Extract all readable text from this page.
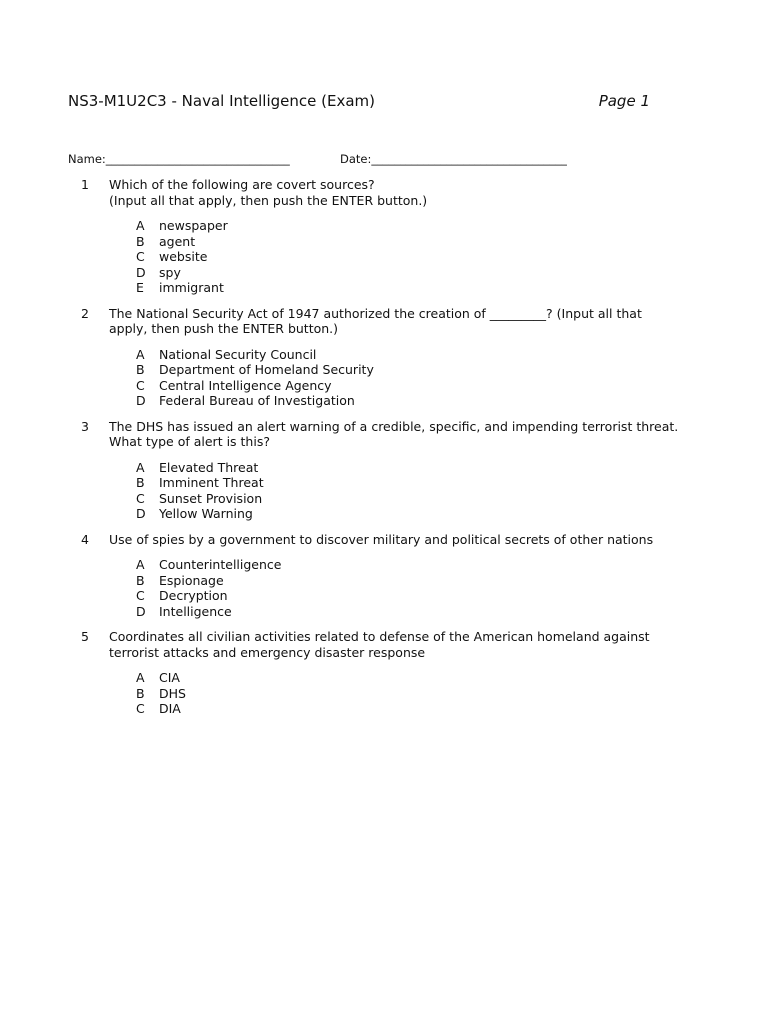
NS3-M1U2C3 - Naval Intelligence (Exam)	Page 1
Name:________________________________	Date:__________________________________
1 Which of the following are covert sources?
(Input all that apply, then push the ENTER button.)
A newspaper
B agent
C website
D spy
E immigrant
2 The National Security Act of 1947 authorized the creation of _________? (Input all that apply, then push the ENTER button.)
A National Security Council
B Department of Homeland Security
C Central Intelligence Agency
D Federal Bureau of Investigation
3 The DHS has issued an alert warning of a credible, specific, and impending terrorist threat. What type of alert is this?
A Elevated Threat
B Imminent Threat
C Sunset Provision
D Yellow Warning
4 Use of spies by a government to discover military and political secrets of other nations
A Counterintelligence
B Espionage
C Decryption
D Intelligence
5 Coordinates all civilian activities related to defense of the American homeland against terrorist attacks and emergency disaster response
A CIA
B DHS
C DIA
